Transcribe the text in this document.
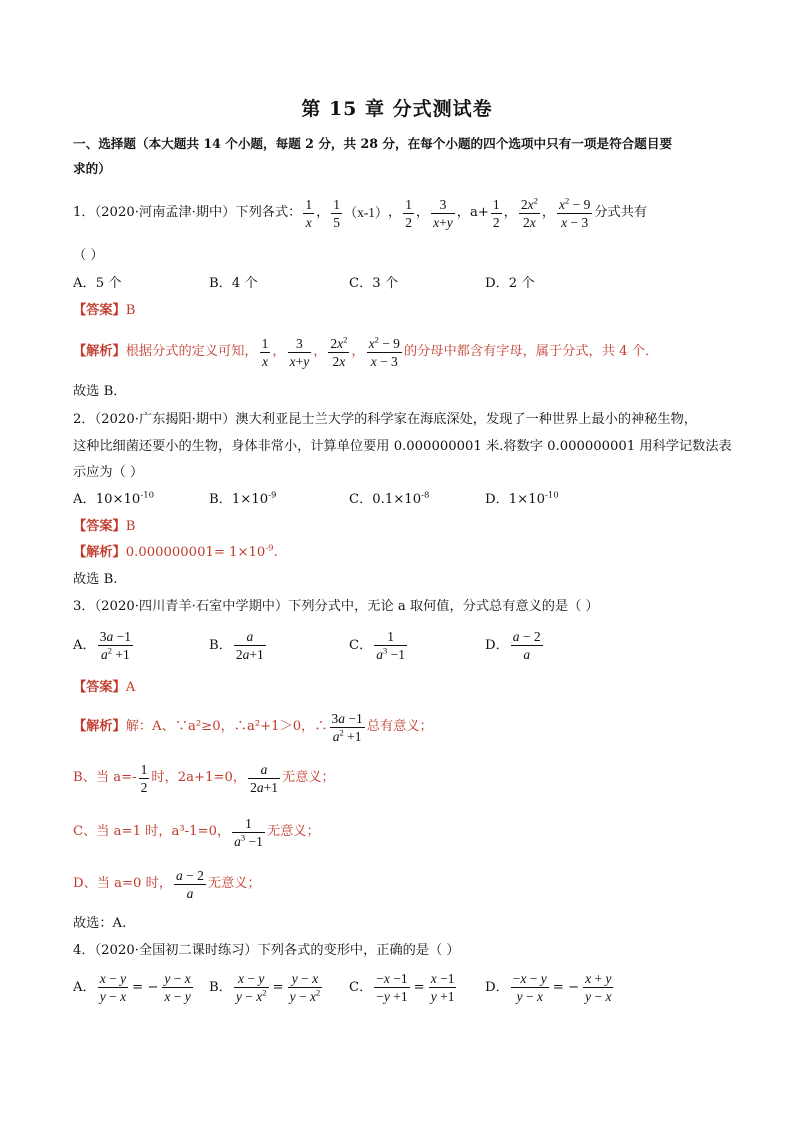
第 15 章 分式测试卷
一、选择题（本大题共 14 个小题，每题 2 分，共 28 分，在每个小题的四个选项中只有一项是符合题目要
求的）
1．（2020·河南孟津·期中）下列各式： $\frac{1}{x}$ ， $\frac{1}{5} (x-1)$ ， $\frac{1}{2}$ ， $\frac{3}{x+y}$ ，$a+ \frac{1}{2}$ ， $\frac{2x^2}{2x}$ ， $\frac{x^2 - 9}{x - 3}$ 分式共有
（ ）
A．5 个	B．4 个	C．3 个	D．2 个
【答案】B
【解析】 根据分式的定义可知， $\frac{1}{x}$ ， $\frac{3}{x+y}$ ， $\frac{2x^2}{2x}$ ， $\frac{x^2 - 9}{x - 3}$ 的分母中都含有字母，属于分式，共 4 个．
故选 B．
2．（2020·广东揭阳·期中）澳大利亚昆士兰大学的科学家在海底深处，发现了一种世界上最小的神秘生物，
这种比细菌还要小的生物，身体非常小，计算单位要用 0.000000001 米.将数字 0.000000001 用科学记数法表
示应为（ ）
A．$10\times 10^{-10}$	B．$1\times 10^{-9}$	C．$0.1\times 10^{-8}$	D．$1\times 10^{-10}$
【答案】B
【解析】$0.000000001= 1\times 10^{-9}$.
故选 B.
3．（2020·四川青羊·石室中学期中）下列分式中，无论 a 取何值，分式总有意义的是（ ）
A． $\frac{3a -1}{a^2 +1}$	B． $\frac{a}{2a+1}$	C． $\frac{1}{a^3 -1}$	D． $\frac{a - 2}{a}$
【答案】A
【解析】 解：A、∵a²≥0，∴a²+1＞0，∴ $\frac{3a -1}{a^2 +1}$ 总有意义；
B、当 $a=- \frac{1}{2}$ 时，2a+1=0， $\frac{a}{2a+1}$ 无意义；
C、当 a=1 时，a³-1=0， $\frac{1}{a^3 -1}$ 无意义；
D、当 a=0 时， $\frac{a - 2}{a}$ 无意义；
故选：A.
4．（2020·全国初二课时练习）下列各式的变形中，正确的是（ ）
A． $\frac{x - y}{y - x}$ = − $\frac{y - x}{x - y}$ B． $\frac{x - y}{y - x^2} = \frac{y - x}{y - x^2}$ C． $\frac{-x -1}{-y +1} = \frac{x -1}{y +1}$ D． $\frac{-x - y}{y - x}$ = − $\frac{x + y}{y - x}$
